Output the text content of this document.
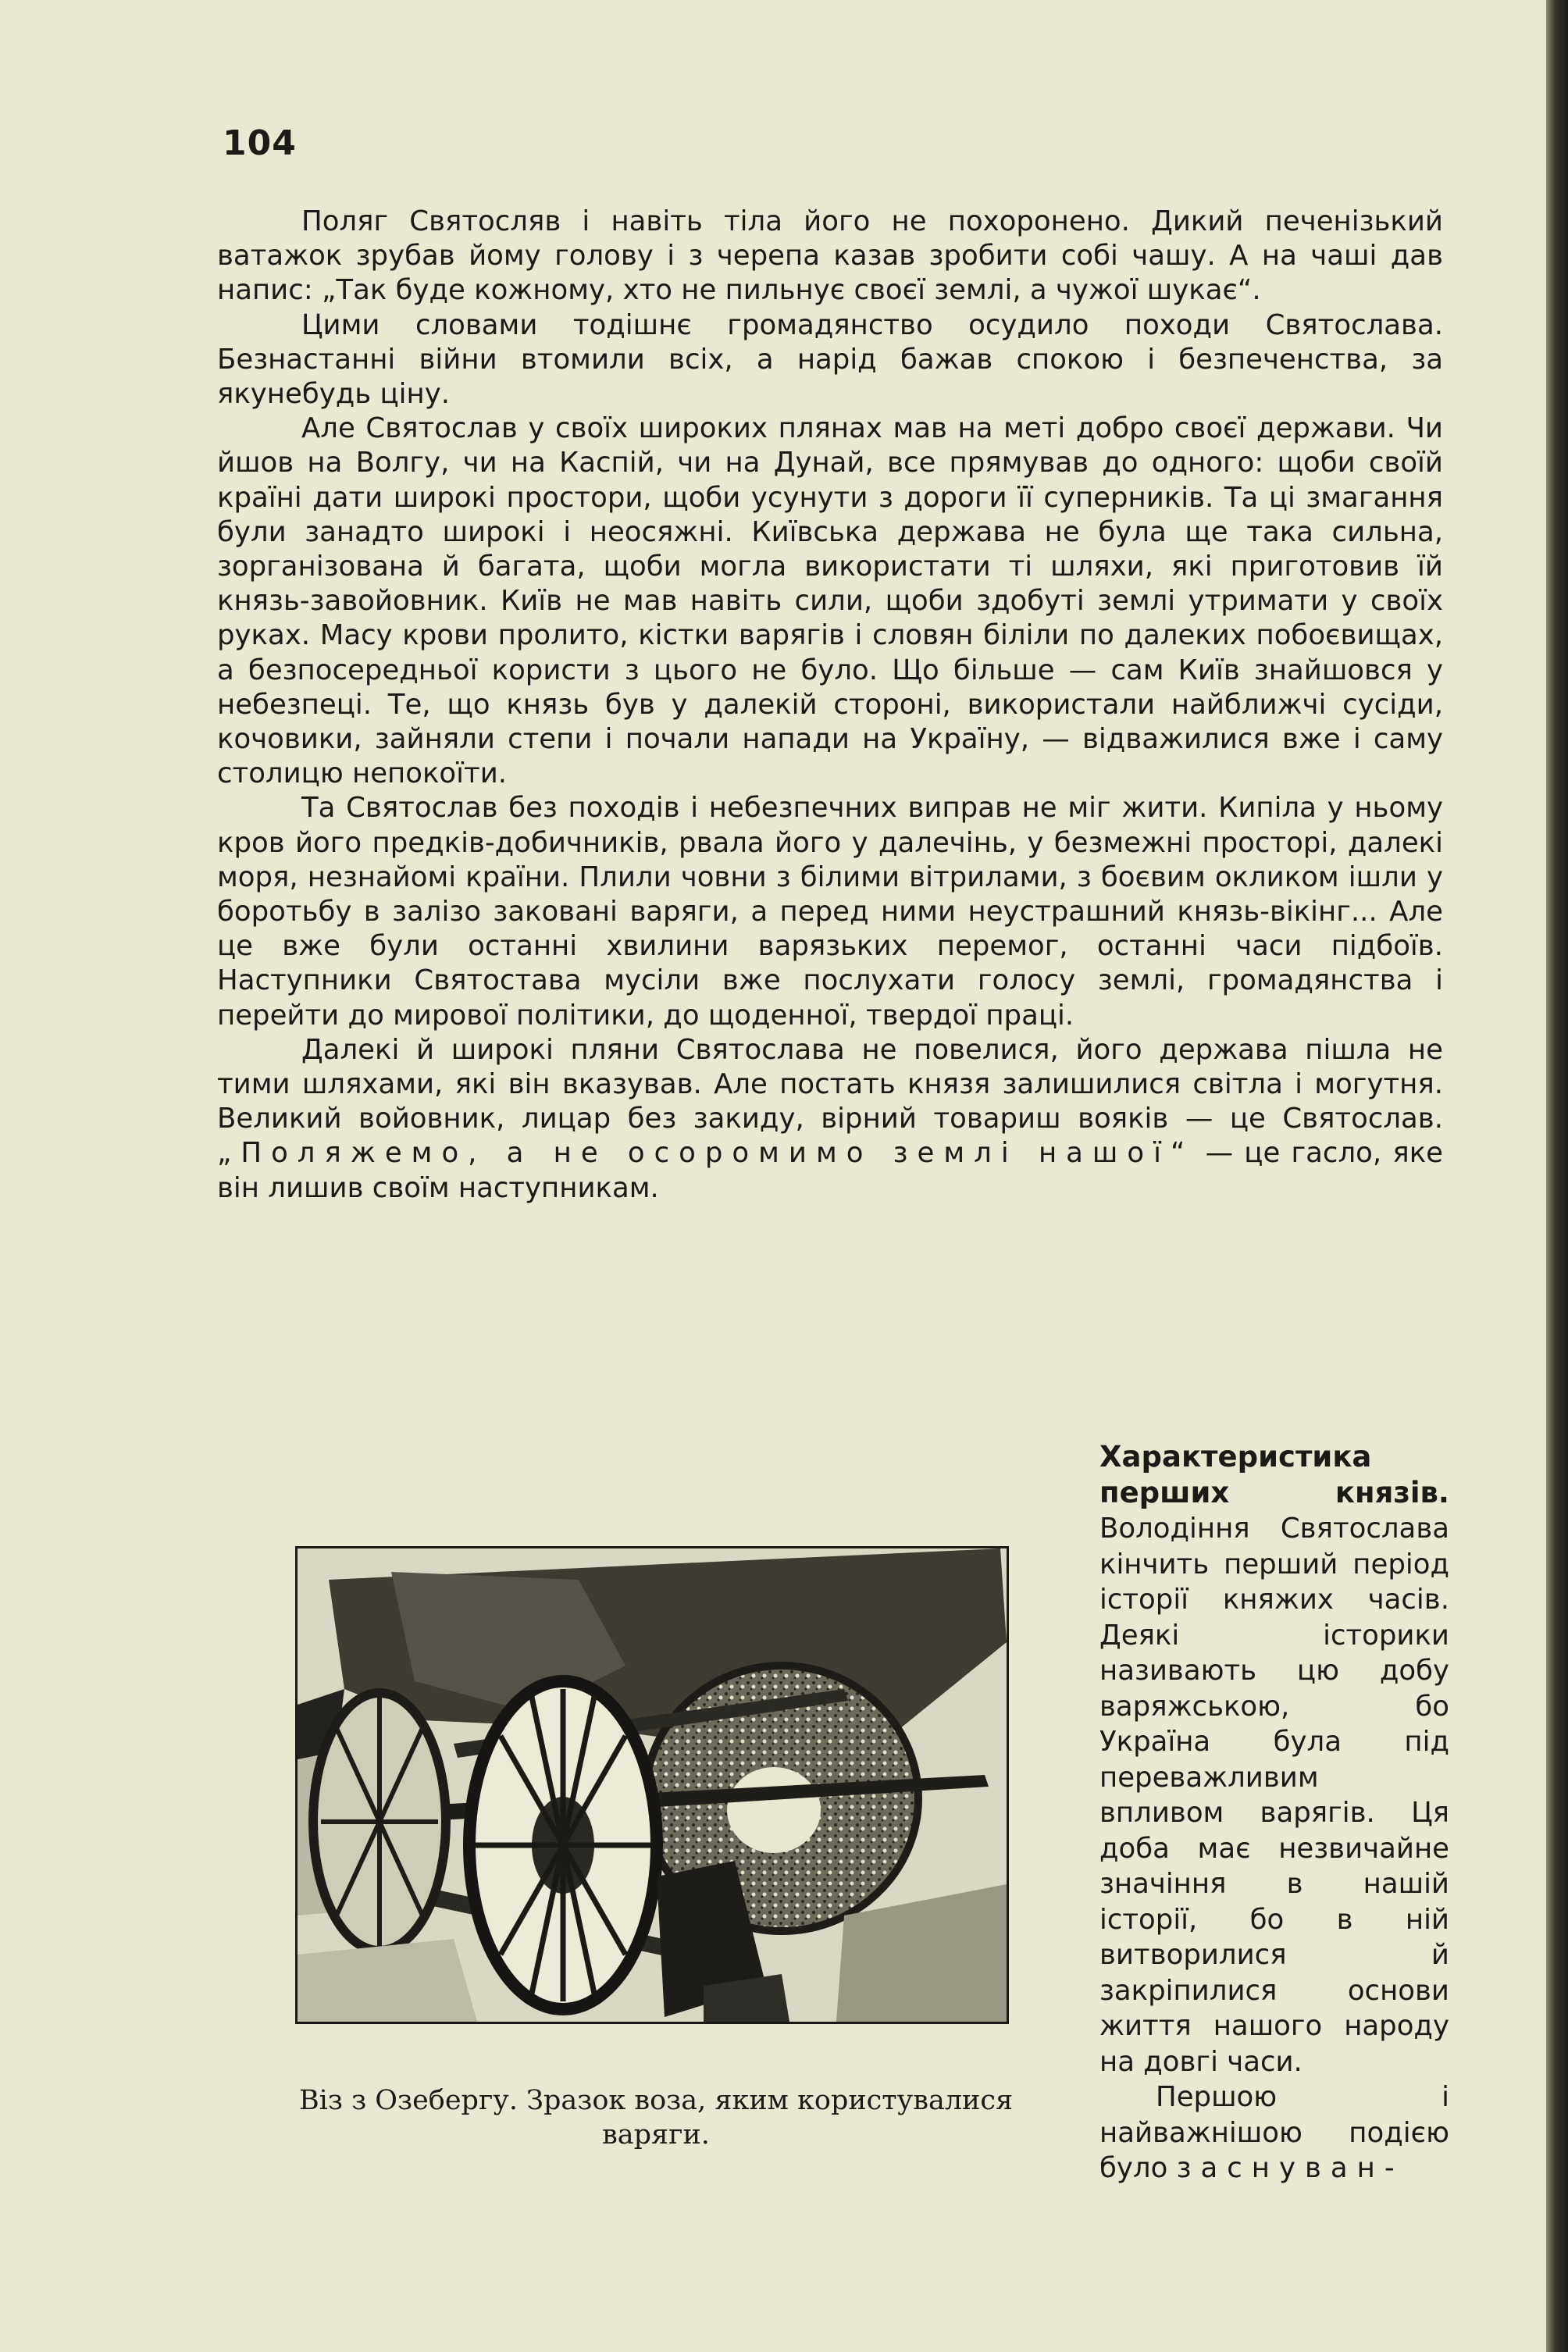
104

Поляг Святосляв і навіть тіла його не похоронено. Дикий печенізький ватажок зрубав йому голову і з черепа казав зробити собі чашу. А на чаші дав напис: „Так буде кожному, хто не пильнує своєї землі, а чужої шукає“.

Цими словами тодішнє громадянство осудило походи Святослава. Безнастанні війни втомили всіх, а нарід бажав спокою і безпеченства, за якунебудь ціну.

Але Святослав у своїх широких плянах мав на меті добро своєї держави. Чи йшов на Волгу, чи на Каспій, чи на Дунай, все прямував до одного: щоби своїй країні дати широкі простори, щоби усунути з дороги її суперників. Та ці змагання були занадто широкі і неосяжні. Київська держава не була ще така сильна, зорганізована й багата, щоби могла використати ті шляхи, які приготовив їй князь-завойовник. Київ не мав навіть сили, щоби здобуті землі утримати у своїх руках. Масу крови пролито, кістки варягів і словян біліли по далеких побоєвищах, а безпосередньої користи з цього не було. Що більше — сам Київ знайшовся у небезпеці. Те, що князь був у далекій стороні, використали найближчі сусіди, кочовики, зайняли степи і почали напади на Україну, — відважилися вже і саму столицю непокоїти.

Та Святослав без походів і небезпечних виправ не міг жити. Кипіла у ньому кров його предків-добичників, рвала його у далечінь, у безмежні просторі, далекі моря, незнайомі країни. Плили човни з білими вітрилами, з боєвим окликом ішли у боротьбу в залізо заковані варяги, а перед ними неустрашний князь-вікінг... Але це вже були останні хвилини варязьких перемог, останні часи підбоїв. Наступники Святостава мусіли вже послухати голосу землі, громадянства і перейти до мирової політики, до щоденної, твердої праці.

Далекі й широкі пляни Святослава не повелися, його держава пішла не тими шляхами, які він вказував. Але постать князя залишилися світла і могутня. Великий войовник, лицар без закиду, вірний товариш вояків — це Святослав. „Поляжемо, а не осоромимо землі нашої“ — це гасло, яке він лишив своїм наступникам.

Характеристика перших князів.

Володіння Святослава кінчить перший період історії княжих часів. Деякі історики називають цю добу варяжською, бо Україна була під переважливим впливом варягів. Ця доба має незвичайне значіння в нашій історії, бо в ній витворилися й закріпилися основи життя нашого народу на довгі часи.

Першою і найважнішою подією було заснуван-

Віз з Озебергу. Зразок воза, яким користувалися варяги.
